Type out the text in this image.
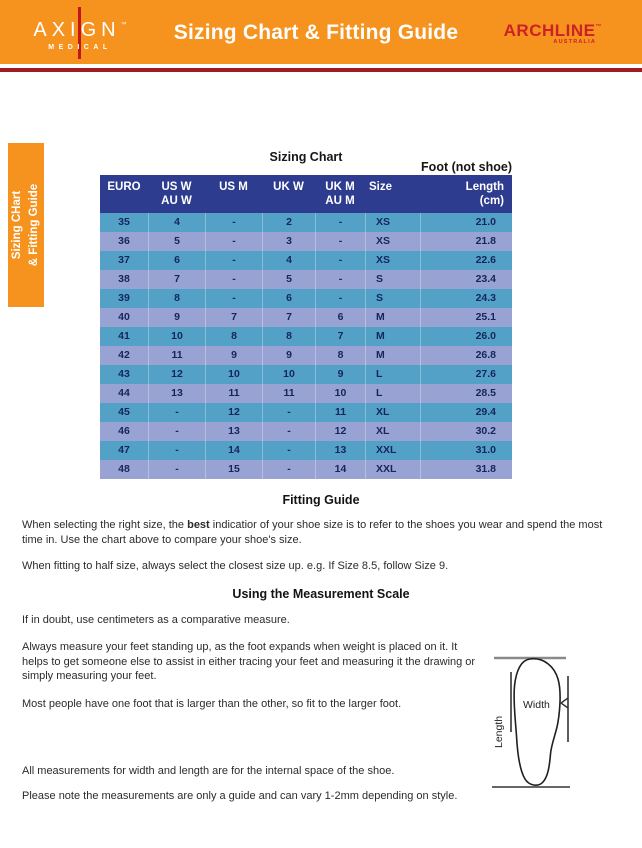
AXIGN™
MEDICAL
Sizing Chart & Fitting Guide	ARCHLINE™
AUSTRALIA
Sizing CHart & Fitting Guide
Sizing Chart
Foot (not shoe)
EURO	US W
AU W
US M	UK W	UK M
AU M
Size	Length
(cm)
35	4	-	2	-	XS	21.0
36	5	-	3	-	XS	21.8
37	6	-	4	-	XS	22.6
38	7	-	5	-	S	23.4
39	8	-	6	-	S	24.3
40	9	7	7	6	M	25.1
41	10	8	8	7	M	26.0
42	11	9	9	8	M	26.8
43	12	10	10	9	L	27.6
44	13	11	11	10	L	28.5
45	-	12	-	11	XL	29.4
46	-	13	-	12	XL	30.2
47	-	14	-	13	XXL	31.0
48	-	15	-	14	XXL	31.8
Fitting Guide
When selecting the right size, the best indicatior of your shoe size is to refer to the shoes you wear and spend the most time in. Use the chart above to compare your shoe's size.
When fitting to half size, always select the closest size up. e.g. If Size 8.5, follow Size 9.
Using the Measurement Scale
If in doubt, use centimeters as a comparative measure.
Always measure your feet standing up, as the foot expands when weight is placed on it. It helps to get someone else to assist in either tracing your feet and measuring it the drawing or simply measuring your feet.
Most people have one foot that is larger than the other, so fit to the larger foot.
All measurements for width and length are for the internal space of the shoe.
Please note the measurements are only a guide and can vary 1-2mm depending on style.
Width
Length
